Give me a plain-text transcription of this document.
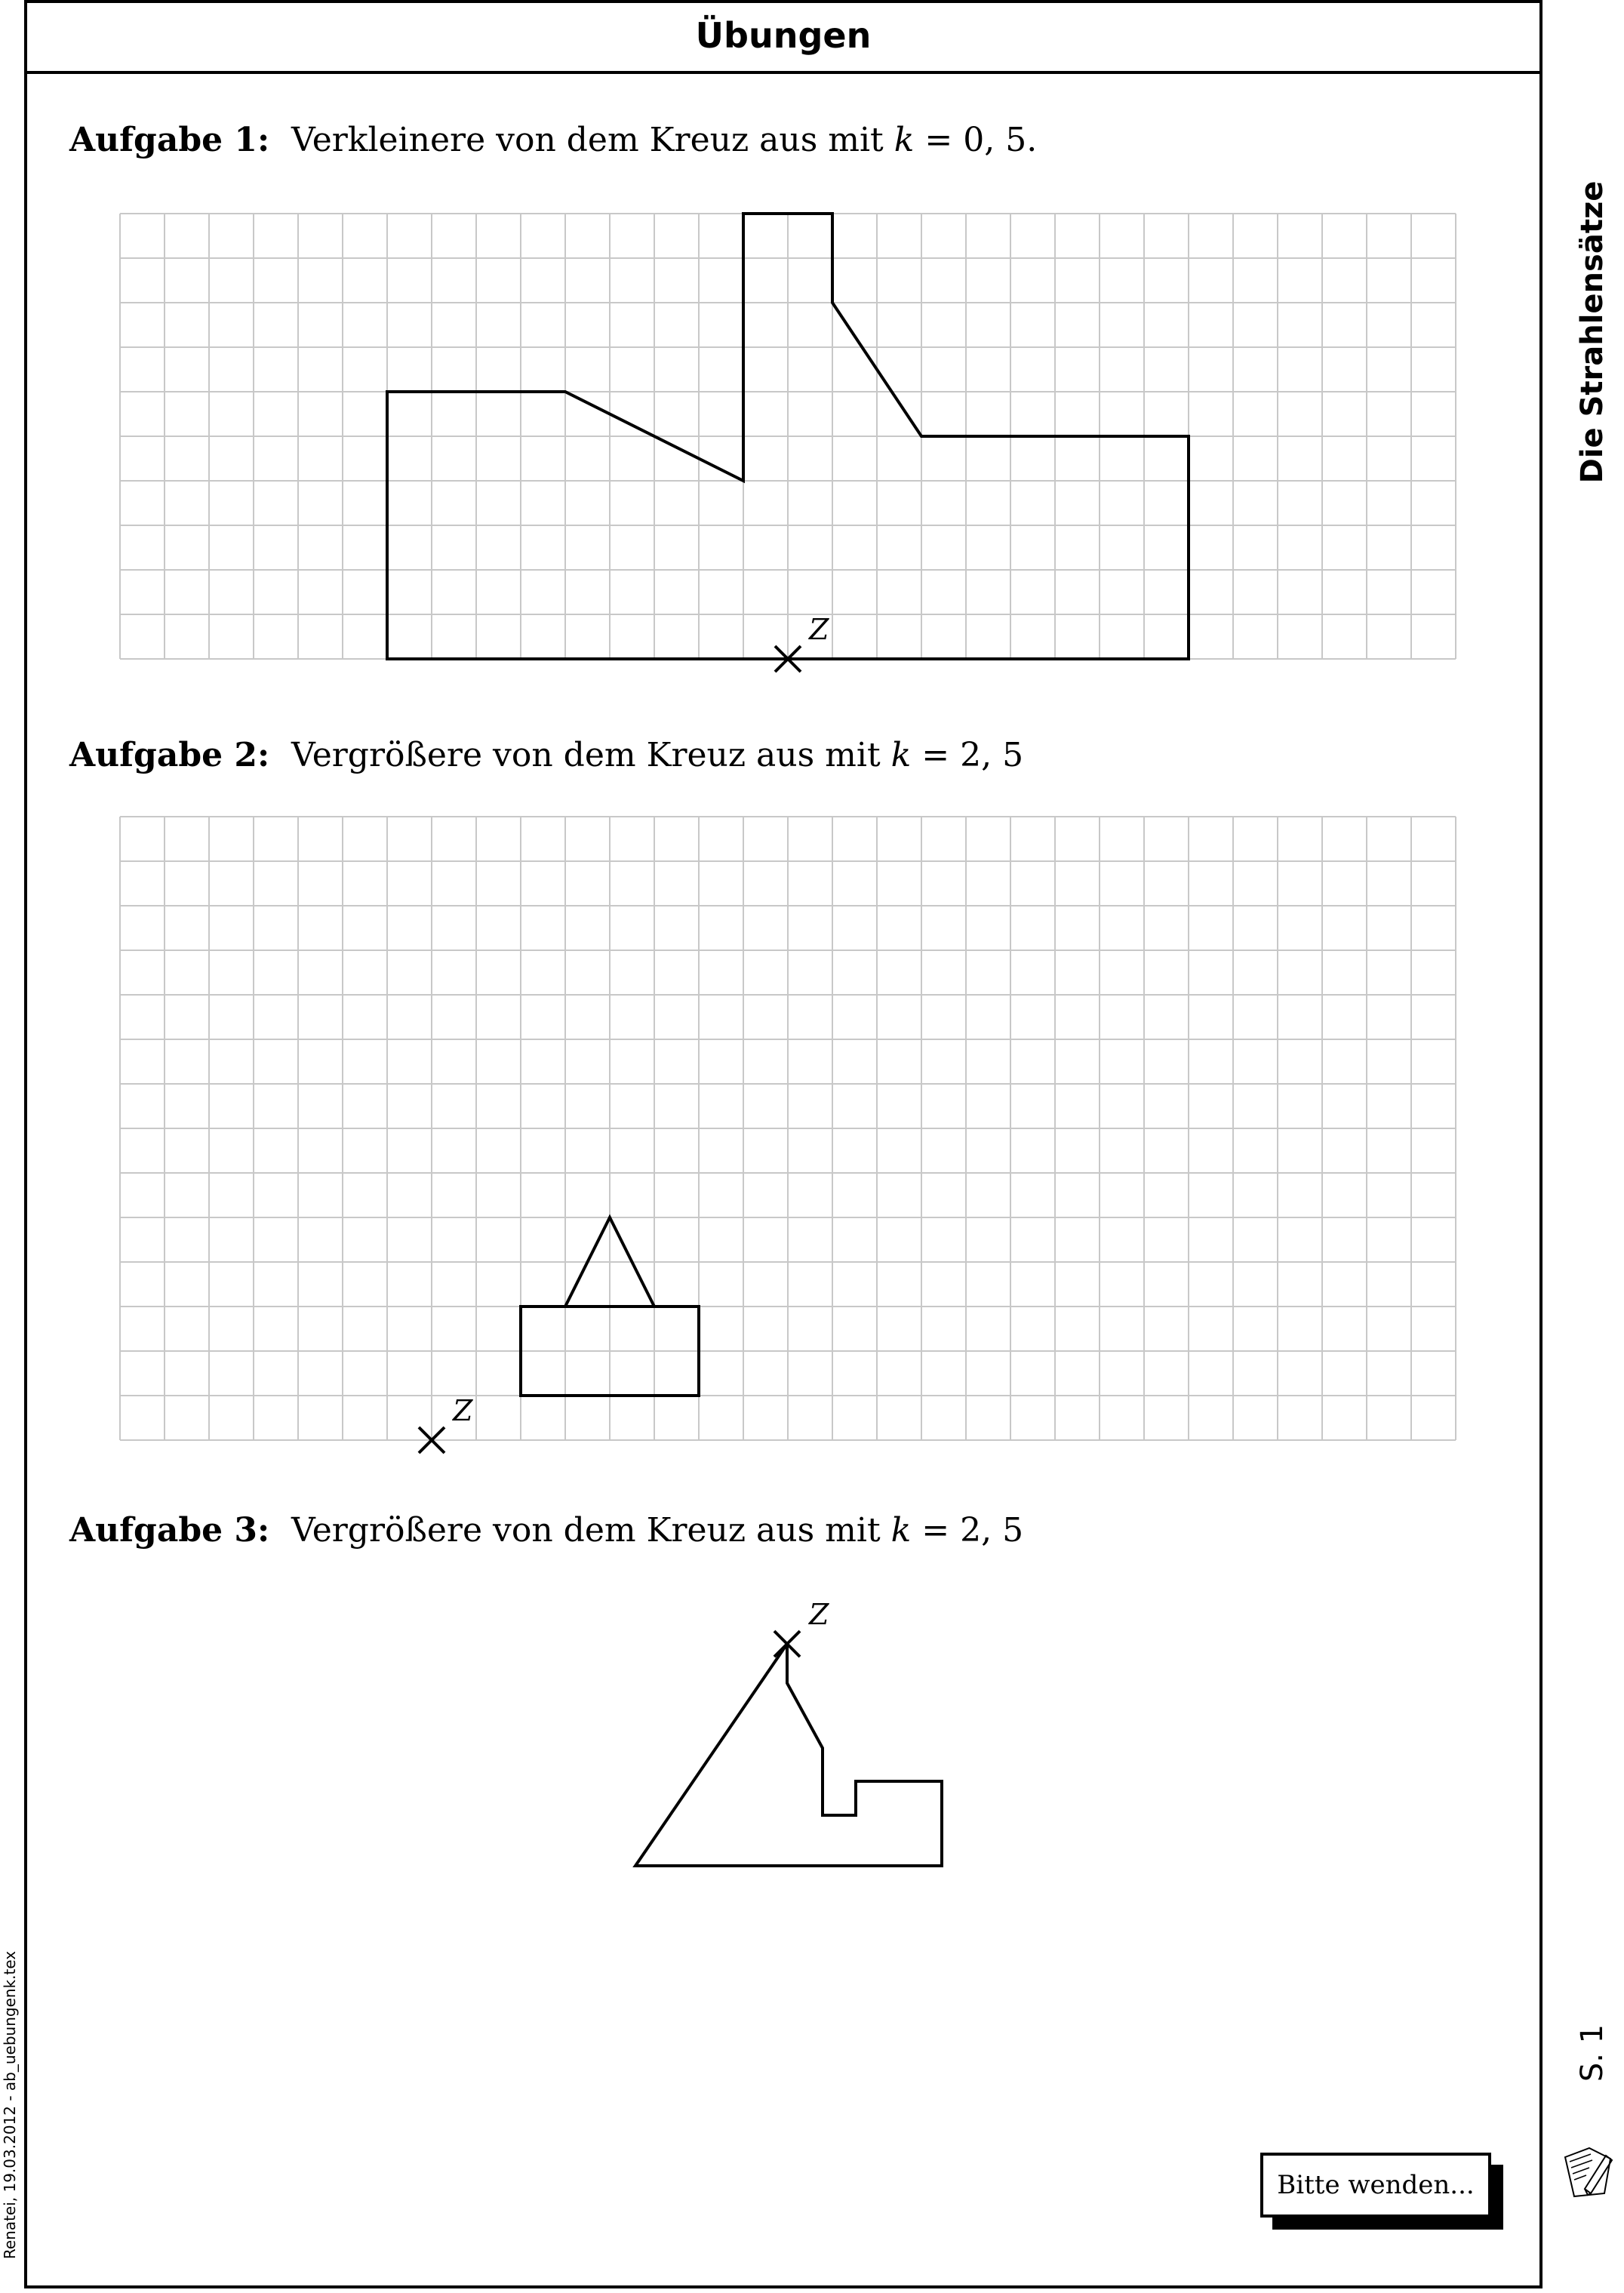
Übungen
Aufgabe 1: Verkleinere von dem Kreuz aus mit k = 0, 5.
Z
Z
Aufgabe 2: Vergrößere von dem Kreuz aus mit k = 2, 5
Aufgabe 3: Vergrößere von dem Kreuz aus mit k = 2, 5
Z
Die Strahlensätze
S. 1
Renatei, 19.03.2012 - ab_uebungenk.tex	Bitte wenden...
